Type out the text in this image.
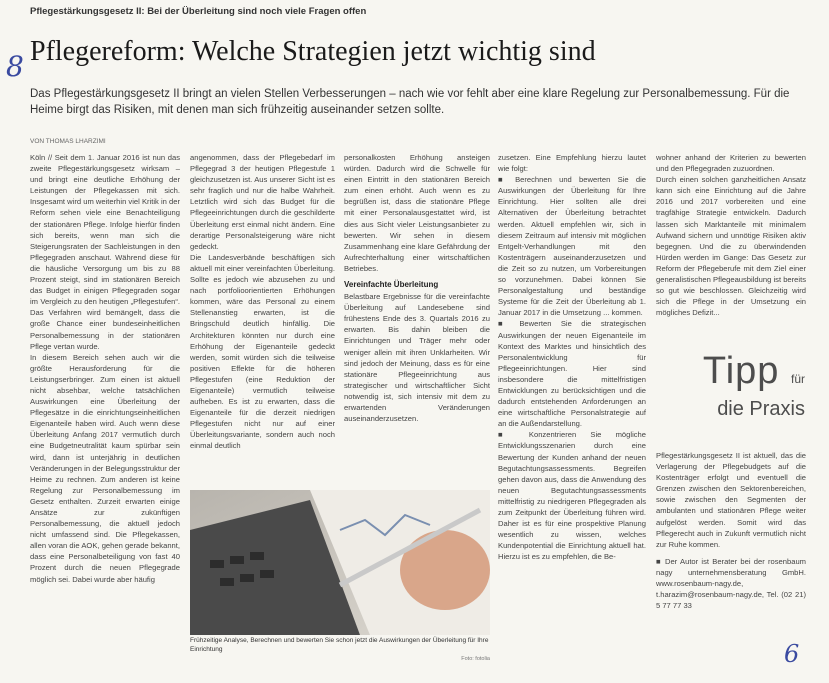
Pflegestärkungsgesetz II: Bei der Überleitung sind noch viele Fragen offen
8 Pflegereform: Welche Strategien jetzt wichtig sind

Das Pflegestärkungsgesetz II bringt an vielen Stellen Verbesserungen – nach wie vor fehlt aber eine klare Regelung zur Personalbemessung. Für die Heime birgt das Risiken, mit denen man sich frühzeitig auseinander setzen sollte.

VON THOMAS LHARZIMI

Köln // Seit dem 1. Januar 2016 ist nun das zweite Pflegestärkungsgesetz wirksam – und bringt eine deutliche Erhöhung der Leistungen der Pflegekassen mit sich. Insgesamt wird um weiterhin viel Kritik in der Reform sehen viele eine Benachteiligung der stationären Pflege. Infolge hierfür finden sich bereits, wenn man sich die Steigerungsraten der Sachleistungen in den Pflegegraden anschaut. Während diese für die häusliche Versorgung um bis zu 88 Prozent steigt, sind im stationären Bereich das Budget in einigen Pflegegraden sogar im Vergleich zu den heutigen „Pflegestufen“. Das Verfahren wird bemängelt, dass die große Chance einer bundeseinheitlichen Personalbemessung in der stationären Pflege vertan wurde.

In diesem Bereich sehen auch wir die größte Herausforderung für die Leistungserbringer. Zum einen ist aktuell nicht absehbar, welche tatsächlichen Auswirkungen eine Überleitung der Pflegesätze in die einrichtungseinheitlichen Eigenanteile haben wird. Auch wenn diese Überleitung Anfang 2017 vermutlich durch eine Budgetneutralität kaum spürbar sein wird, dann ist unterjährig in deutlichen Veränderungen in der Belegungsstruktur der Heime zu rechnen. Zum anderen ist keine Regelung zur Personalbemessung im Gesetz enthalten. Zurzeit erwarten einige Ansätze zur zukünftigen Personalbemessung, die aktuell jedoch nicht umfassend sind. Die Pflegekassen, allen voran die AOK, gehen gerade bekannt, dass eine Personalbeteiligung von fast 40 Prozent durch die neuen Pflegegrade möglich sei. Dabei wurde aber häufig

angenommen, dass der Pflegebedarf im Pflegegrad 3 der heutigen Pflegestufe 1 gleichzusetzen ist. Aus unserer Sicht ist es sehr fraglich und nur die halbe Wahrheit. Letztlich wird sich das Budget für die Pflegeeinrichtungen durch die geschilderte Überleitung erst einmal nicht ändern. Eine derartige Personalsteigerung wäre nicht gedeckt.

Die Landesverbände beschäftigen sich aktuell mit einer vereinfachten Überleitung. Sollte es jedoch wie abzusehen zu und nach portfolioorientierten Erhöhungen kommen, wäre das Personal zu einem Stellenanstieg erwarten, ist die Bringschuld deutlich hinfällig. Die Architekturen könnten nur durch eine Erhöhung der Eigenanteile gedeckt werden, somit würden sich die teilweise positiven Effekte für die höheren Pflegestufen (eine Reduktion der Eigenanteile) vermutlich teilweise aufheben. Es ist zu erwarten, dass die Eigenanteile für die derzeit niedrigen Pflegestufen nicht nur auf einer Überleitungsvariante, sondern auch noch einmal deutlich

personalkosten Erhöhung ansteigen würden. Dadurch wird die Schwelle für einen Eintritt in den stationären Bereich zum einen erhöht. Auch wenn es zu begrüßen ist, dass die stationäre Pflege mit einer Personalausgestattet wird, ist dies aus Sicht vieler Leistungsanbieter zu bewerten. Wir sehen in diesem Zusammenhang eine klare Gefährdung der Aufrechterhaltung einer wirtschaftlichen Betriebes.

Vereinfachte Überleitung

Belastbare Ergebnisse für die vereinfachte Überleitung auf Landesebene sind frühestens Ende des 3. Quartals 2016 zu erwarten. Bis dahin bleiben die Einrichtungen und Träger mehr oder weniger allein mit ihren Unklarheiten. Wir sind jedoch der Meinung, dass es für eine stationäre Pflegeeinrichtung aus strategischer und wirtschaftlicher Sicht notwendig ist, sich intensiv mit dem zu erwartenden Veränderungen auseinanderzusetzen.

zusetzen. Eine Empfehlung hierzu lautet wie folgt:

■ Berechnen und bewerten Sie die Auswirkungen der Überleitung für Ihre Einrichtung. Hier sollten alle drei Alternativen der Überleitung betrachtet werden. Aktuell empfehlen wir, sich in diesem Zeitraum auf intensiv mit möglichen Entgelt-Verhandlungen mit den Kostenträgern auseinanderzusetzen und die Zeit so zu nutzen, um Vorbereitungen so vorzunehmen. Dabei können Sie Personalgestaltung und beständige Systeme für die Zeit der Überleitung ab 1. Januar 2017 in die Umsetzung ... kommen.

■ Bewerten Sie die strategischen Auswirkungen der neuen Eigenanteile im Kontext des Marktes und hinsichtlich des Personalentwicklung für Pflegeeinrichtungen. Hier sind insbesondere die mittelfristigen Entwicklungen zu berücksichtigen und die dadurch entstehenden Anforderungen an eine wirtschaftliche Personalstrategie auf an die Außendarstellung.

■ Konzentrieren Sie mögliche Entwicklungsszenarien durch eine Bewertung der Kunden anhand der neuen Begutachtungsassessments. Begreifen gehen davon aus, dass die Anwendung des neuen Begutachtungsassessments mittelfristig zu niedrigeren Pflegegraden als zum Zeitpunkt der Überleitung führen wird. Daher ist es für eine prospektive Planung wesentlich zu wissen, welches Kundenpotential die Einrichtung aktuell hat. Hierzu ist es zu empfehlen, die Be-

wohner anhand der Kriterien zu bewerten und den Pflegegraden zuzuordnen.

Durch einen solchen ganzheitlichen Ansatz kann sich eine Einrichtung auf die Jahre 2016 und 2017 vorbereiten und eine tragfähige Strategie entwickeln. Dadurch lassen sich Marktanteile mit minimalem Aufwand sichern und unnötige Risiken aktiv begegnen. Und die zu überwindenden Hürden werden im Gange: Das Gesetz zur Reform der Pflegeberufe mit dem Ziel einer generalistischen Pflegeausbildung ist bereits so gut wie beschlossen. Gleichzeitig wird sich die Pflege in der Umsetzung ein mögliches Defizit...

Tipp für
die Praxis

Pflegestärkungsgesetz II ist aktuell, das die Verlagerung der Pflegebudgets auf die Kostenträger erfolgt und eventuell die Grenzen zwischen den Sektorenbereichen, sowie zwischen den Segmenten der ambulanten und stationären Pflege weiter aufgelöst werden. Somit wird das Pflegerecht auch in Zukunft vermutlich nicht zur Ruhe kommen.

■ Der Autor ist Berater bei der rosenbaum nagy unternehmensberatung GmbH. www.rosenbaum-nagy.de, t.harazim@rosenbaum-nagy.de, Tel. (02 21) 5 77 77 33

Frühzeitige Analyse, Berechnen und bewerten Sie schon jetzt die Auswirkungen der Überleitung für Ihre Einrichtung
Foto: fotolia	6
